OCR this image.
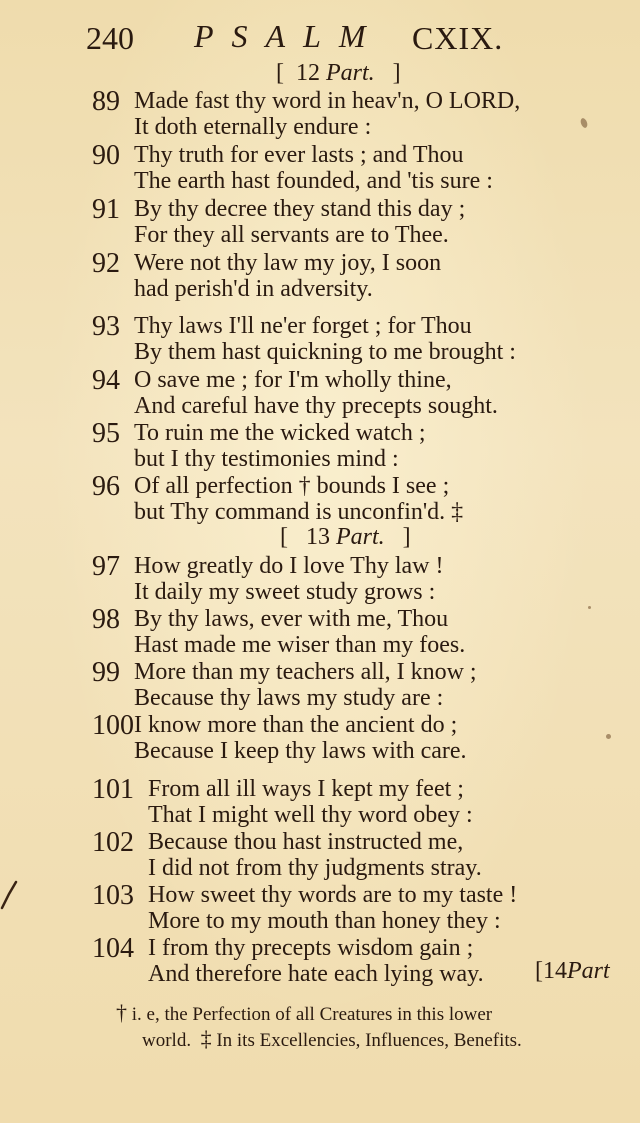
240 PSALM CXIX.
[ 12 Part. ]
89 Made fast thy word in heav'n, O LORD,
It doth eternally endure :
90 Thy truth for ever lasts ; and Thou
The earth hast founded, and 'tis sure :
91 By thy decree they stand this day ;
For they all servants are to Thee.
92 Were not thy law my joy, I soon
had perish'd in adversity.
93 Thy laws I'll ne'er forget ; for Thou
By them hast quickning to me brought :
94 O save me ; for I'm wholly thine,
And careful have thy precepts sought.
95 To ruin me the wicked watch ;
but I thy testimonies mind :
96 Of all perfection † bounds I see ;
but Thy command is unconfin'd. ‡
[ 13 Part. ]
97 How greatly do I love Thy law !
It daily my sweet study grows :
98 By thy laws, ever with me, Thou
Hast made me wiser than my foes.
99 More than my teachers all, I know ;
Because thy laws my study are :
100 I know more than the ancient do ;
Because I keep thy laws with care.
101 From all ill ways I kept my feet ;
That I might well thy word obey :
102 Because thou hast instructed me,
I did not from thy judgments stray.
103 How sweet thy words are to my taste !
More to my mouth than honey they :
104 I from thy precepts wisdom gain ;
And therefore hate each lying way. [14Part
† i. e, the Perfection of all Creatures in this lower
world. ‡ In its Excellencies, Influences, Benefits.
